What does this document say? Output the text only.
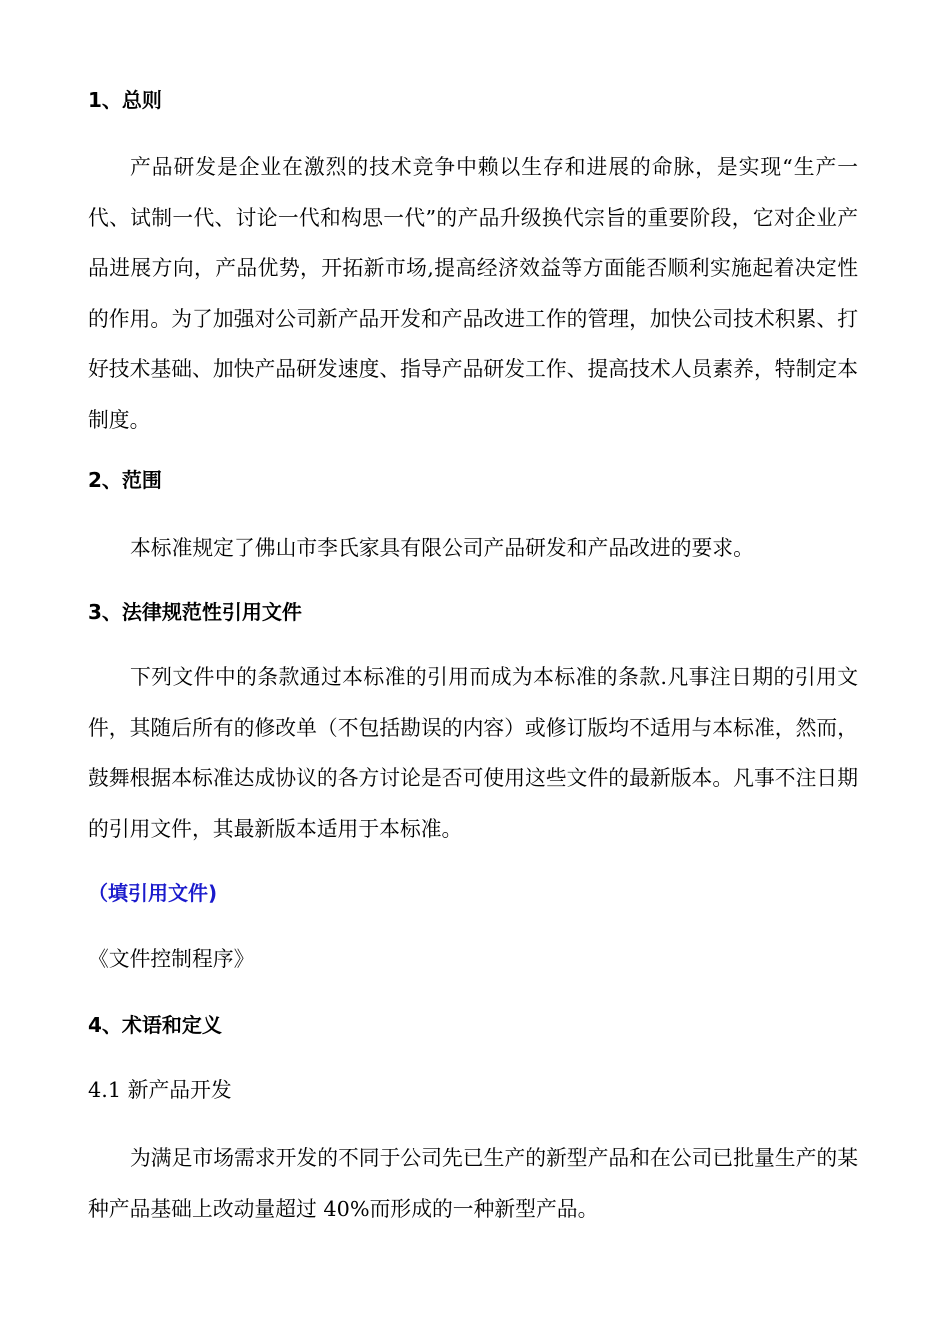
1、总则

产品研发是企业在激烈的技术竞争中赖以生存和进展的命脉，是实现“生产一代、试制一代、讨论一代和构思一代”的产品升级换代宗旨的重要阶段，它对企业产品进展方向，产品优势，开拓新市场,提高经济效益等方面能否顺利实施起着决定性的作用。为了加强对公司新产品开发和产品改进工作的管理，加快公司技术积累、打好技术基础、加快产品研发速度、指导产品研发工作、提高技术人员素养，特制定本制度。

2、范围

本标准规定了佛山市李氏家具有限公司产品研发和产品改进的要求。

3、法律规范性引用文件

下列文件中的条款通过本标准的引用而成为本标准的条款.凡事注日期的引用文件，其随后所有的修改单（不包括勘误的内容）或修订版均不适用与本标准，然而，鼓舞根据本标准达成协议的各方讨论是否可使用这些文件的最新版本。凡事不注日期的引用文件，其最新版本适用于本标准。

（填引用文件)
《文件控制程序》
4、术语和定义
4.1 新产品开发

为满足市场需求开发的不同于公司先已生产的新型产品和在公司已批量生产的某种产品基础上改动量超过 40%而形成的一种新型产品。
